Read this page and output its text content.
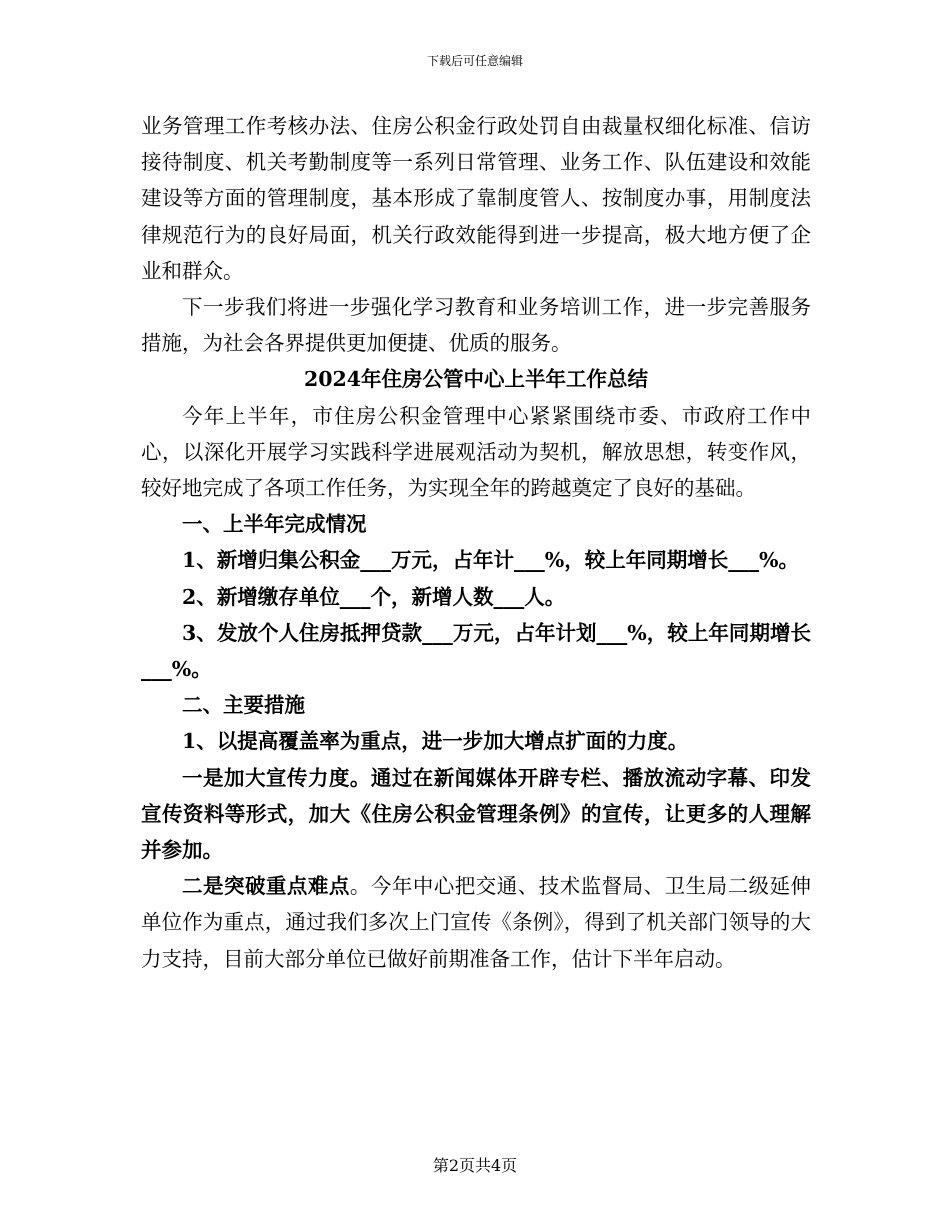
下载后可任意编辑

业务管理工作考核办法、住房公积金行政处罚自由裁量权细化标准、信访接待制度、机关考勤制度等一系列日常管理、业务工作、队伍建设和效能建设等方面的管理制度，基本形成了靠制度管人、按制度办事，用制度法律规范行为的良好局面，机关行政效能得到进一步提高，极大地方便了企业和群众。

下一步我们将进一步强化学习教育和业务培训工作，进一步完善服务措施，为社会各界提供更加便捷、优质的服务。

2024年住房公管中心上半年工作总结

今年上半年，市住房公积金管理中心紧紧围绕市委、市政府工作中心，以深化开展学习实践科学进展观活动为契机，解放思想，转变作风，较好地完成了各项工作任务，为实现全年的跨越奠定了良好的基础。

一、上半年完成情况

1、新增归集公积金___万元，占年计___%，较上年同期增长___%。

2、新增缴存单位___个，新增人数___人。

3、发放个人住房抵押贷款___万元，占年计划___%，较上年同期增长___%。

二、主要措施

1、以提高覆盖率为重点，进一步加大增点扩面的力度。

一是加大宣传力度。通过在新闻媒体开辟专栏、播放流动字幕、印发宣传资料等形式，加大《住房公积金管理条例》的宣传，让更多的人理解并参加。

二是突破重点难点。今年中心把交通、技术监督局、卫生局二级延伸单位作为重点，通过我们多次上门宣传《条例》，得到了机关部门领导的大力支持，目前大部分单位已做好前期准备工作，估计下半年启动。

第2页共4页
